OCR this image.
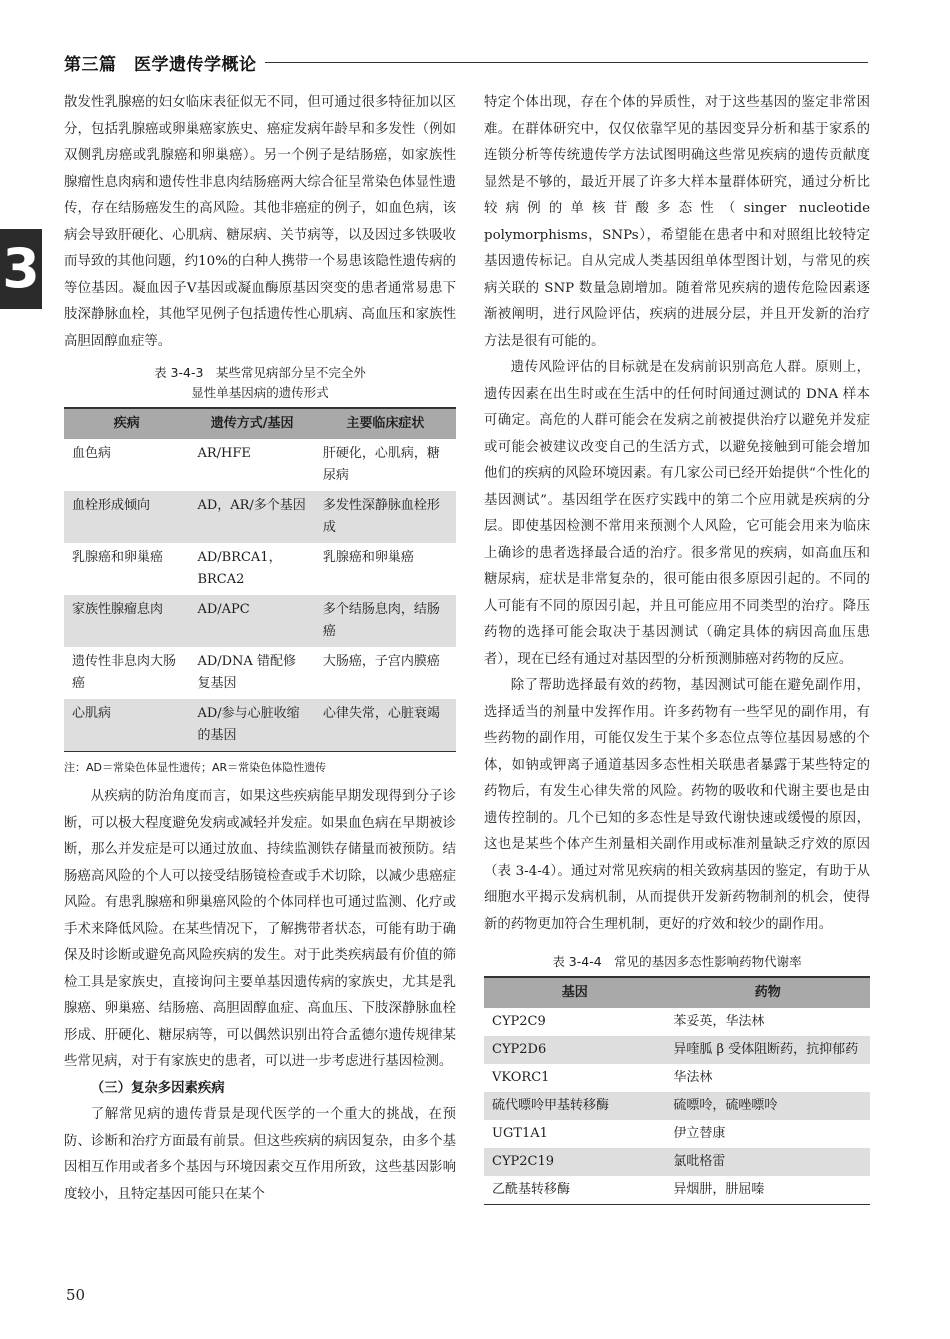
第三篇　医学遗传学概论
3

散发性乳腺癌的妇女临床表征似无不同，但可通过很多特征加以区分，包括乳腺癌或卵巢癌家族史、癌症发病年龄早和多发性（例如双侧乳房癌或乳腺癌和卵巢癌）。另一个例子是结肠癌，如家族性腺瘤性息肉病和遗传性非息肉结肠癌两大综合征呈常染色体显性遗传，存在结肠癌发生的高风险。其他非癌症的例子，如血色病，该病会导致肝硬化、心肌病、糖尿病、关节病等，以及因过多铁吸收而导致的其他问题，约10%的白种人携带一个易患该隐性遗传病的等位基因。凝血因子Ⅴ基因或凝血酶原基因突变的患者通常易患下肢深静脉血栓，其他罕见例子包括遗传性心肌病、高血压和家族性高胆固醇血症等。

表 3-4-3　某些常见病部分呈不完全外
显性单基因病的遗传形式
疾病	遗传方式/基因	主要临床症状
血色病	AR/HFE	肝硬化，心肌病，糖尿病
血栓形成倾向	AD，AR/多个基因	多发性深静脉血栓形成
乳腺癌和卵巢癌	AD/BRCA1，BRCA2	乳腺癌和卵巢癌
家族性腺瘤息肉	AD/APC	多个结肠息肉，结肠癌
遗传性非息肉大肠癌	AD/DNA 错配修复基因	大肠癌，子宫内膜癌
心肌病	AD/参与心脏收缩的基因	心律失常，心脏衰竭
注：AD＝常染色体显性遗传；AR＝常染色体隐性遗传

从疾病的防治角度而言，如果这些疾病能早期发现得到分子诊断，可以极大程度避免发病或减轻并发症。如果血色病在早期被诊断，那么并发症是可以通过放血、持续监测铁存储量而被预防。结肠癌高风险的个人可以接受结肠镜检查或手术切除，以减少患癌症风险。有患乳腺癌和卵巢癌风险的个体同样也可通过监测、化疗或手术来降低风险。在某些情况下，了解携带者状态，可能有助于确保及时诊断或避免高风险疾病的发生。对于此类疾病最有价值的筛检工具是家族史，直接询问主要单基因遗传病的家族史，尤其是乳腺癌、卵巢癌、结肠癌、高胆固醇血症、高血压、下肢深静脉血栓形成、肝硬化、糖尿病等，可以偶然识别出符合孟德尔遗传规律某些常见病，对于有家族史的患者，可以进一步考虑进行基因检测。

（三）复杂多因素疾病

了解常见病的遗传背景是现代医学的一个重大的挑战，在预防、诊断和治疗方面最有前景。但这些疾病的病因复杂，由多个基因相互作用或者多个基因与环境因素交互作用所致，这些基因影响度较小，且特定基因可能只在某个

特定个体出现，存在个体的异质性，对于这些基因的鉴定非常困难。在群体研究中，仅仅依靠罕见的基因变异分析和基于家系的连锁分析等传统遗传学方法试图明确这些常见疾病的遗传贡献度显然是不够的，最近开展了许多大样本量群体研究，通过分析比较病例的单核苷酸多态性（singer nucleotide polymorphisms，SNPs），希望能在患者中和对照组比较特定基因遗传标记。自从完成人类基因组单体型图计划，与常见的疾病关联的 SNP 数量急剧增加。随着常见疾病的遗传危险因素逐渐被阐明，进行风险评估，疾病的进展分层，并且开发新的治疗方法是很有可能的。

遗传风险评估的目标就是在发病前识别高危人群。原则上，遗传因素在出生时或在生活中的任何时间通过测试的 DNA 样本可确定。高危的人群可能会在发病之前被提供治疗以避免并发症或可能会被建议改变自己的生活方式，以避免接触到可能会增加他们的疾病的风险环境因素。有几家公司已经开始提供“个性化的基因测试”。基因组学在医疗实践中的第二个应用就是疾病的分层。即使基因检测不常用来预测个人风险，它可能会用来为临床上确诊的患者选择最合适的治疗。很多常见的疾病，如高血压和糖尿病，症状是非常复杂的，很可能由很多原因引起的。不同的人可能有不同的原因引起，并且可能应用不同类型的治疗。降压药物的选择可能会取决于基因测试（确定具体的病因高血压患者），现在已经有通过对基因型的分析预测肺癌对药物的反应。

除了帮助选择最有效的药物，基因测试可能在避免副作用，选择适当的剂量中发挥作用。许多药物有一些罕见的副作用，有些药物的副作用，可能仅发生于某个多态位点等位基因易感的个体，如钠或钾离子通道基因多态性相关联患者暴露于某些特定的药物后，有发生心律失常的风险。药物的吸收和代谢主要也是由遗传控制的。几个已知的多态性是导致代谢快速或缓慢的原因，这也是某些个体产生剂量相关副作用或标准剂量缺乏疗效的原因（表 3-4-4）。通过对常见疾病的相关致病基因的鉴定，有助于从细胞水平揭示发病机制，从而提供开发新药物制剂的机会，使得新的药物更加符合生理机制，更好的疗效和较少的副作用。

表 3-4-4　常见的基因多态性影响药物代谢率
基因	药物
CYP2C9	苯妥英，华法林
CYP2D6	异喹胍 β 受体阻断药，抗抑郁药
VKORC1	华法林
硫代嘌呤甲基转移酶	硫嘌呤，硫唑嘌呤
UGT1A1	伊立替康
CYP2C19	氯吡格雷
乙酰基转移酶	异烟肼，肼屈嗪
50
